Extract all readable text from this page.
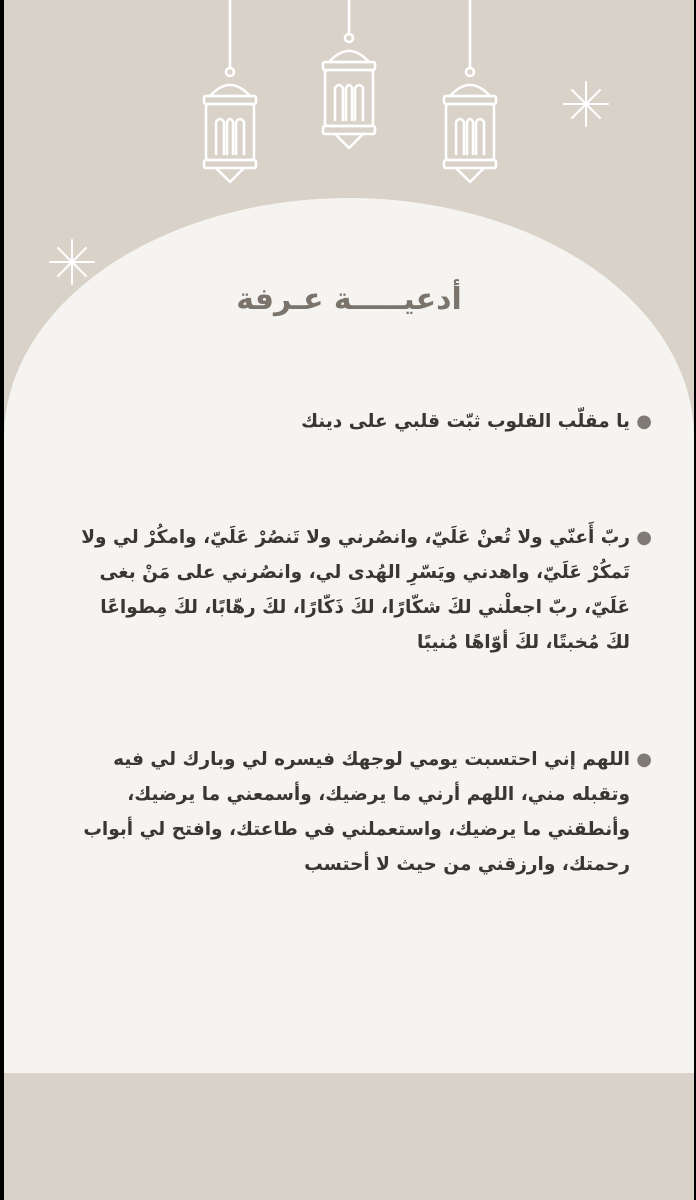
أدعيـــــة عـرفة
●
يا مقلّب القلوب ثبّت قلبي على دينك
●
ربّ أَعنّي ولا تُعنْ عَلَيّ، وانصُرني ولا تَنصُرْ عَلَيّ، وامكُرْ لي ولا تَمكُرْ عَلَيّ، واهدني ويَسّرِ الهُدى لي، وانصُرني على مَنْ بغى عَلَيّ، ربّ اجعلْني لكَ شكّارًا، لكَ ذَكّارًا، لكَ رهّابًا، لكَ مِطواعًا لكَ مُخبتًا، لكَ أوّاهًا مُنيبًا
●
اللهم إني احتسبت يومي لوجهك فيسره لي وبارك لي فيه وتقبله مني، اللهم أرني ما يرضيك، وأسمعني ما يرضيك، وأنطقني ما يرضيك، واستعملني في طاعتك، وافتح لي أبواب رحمتك، وارزقني من حيث لا أحتسب
